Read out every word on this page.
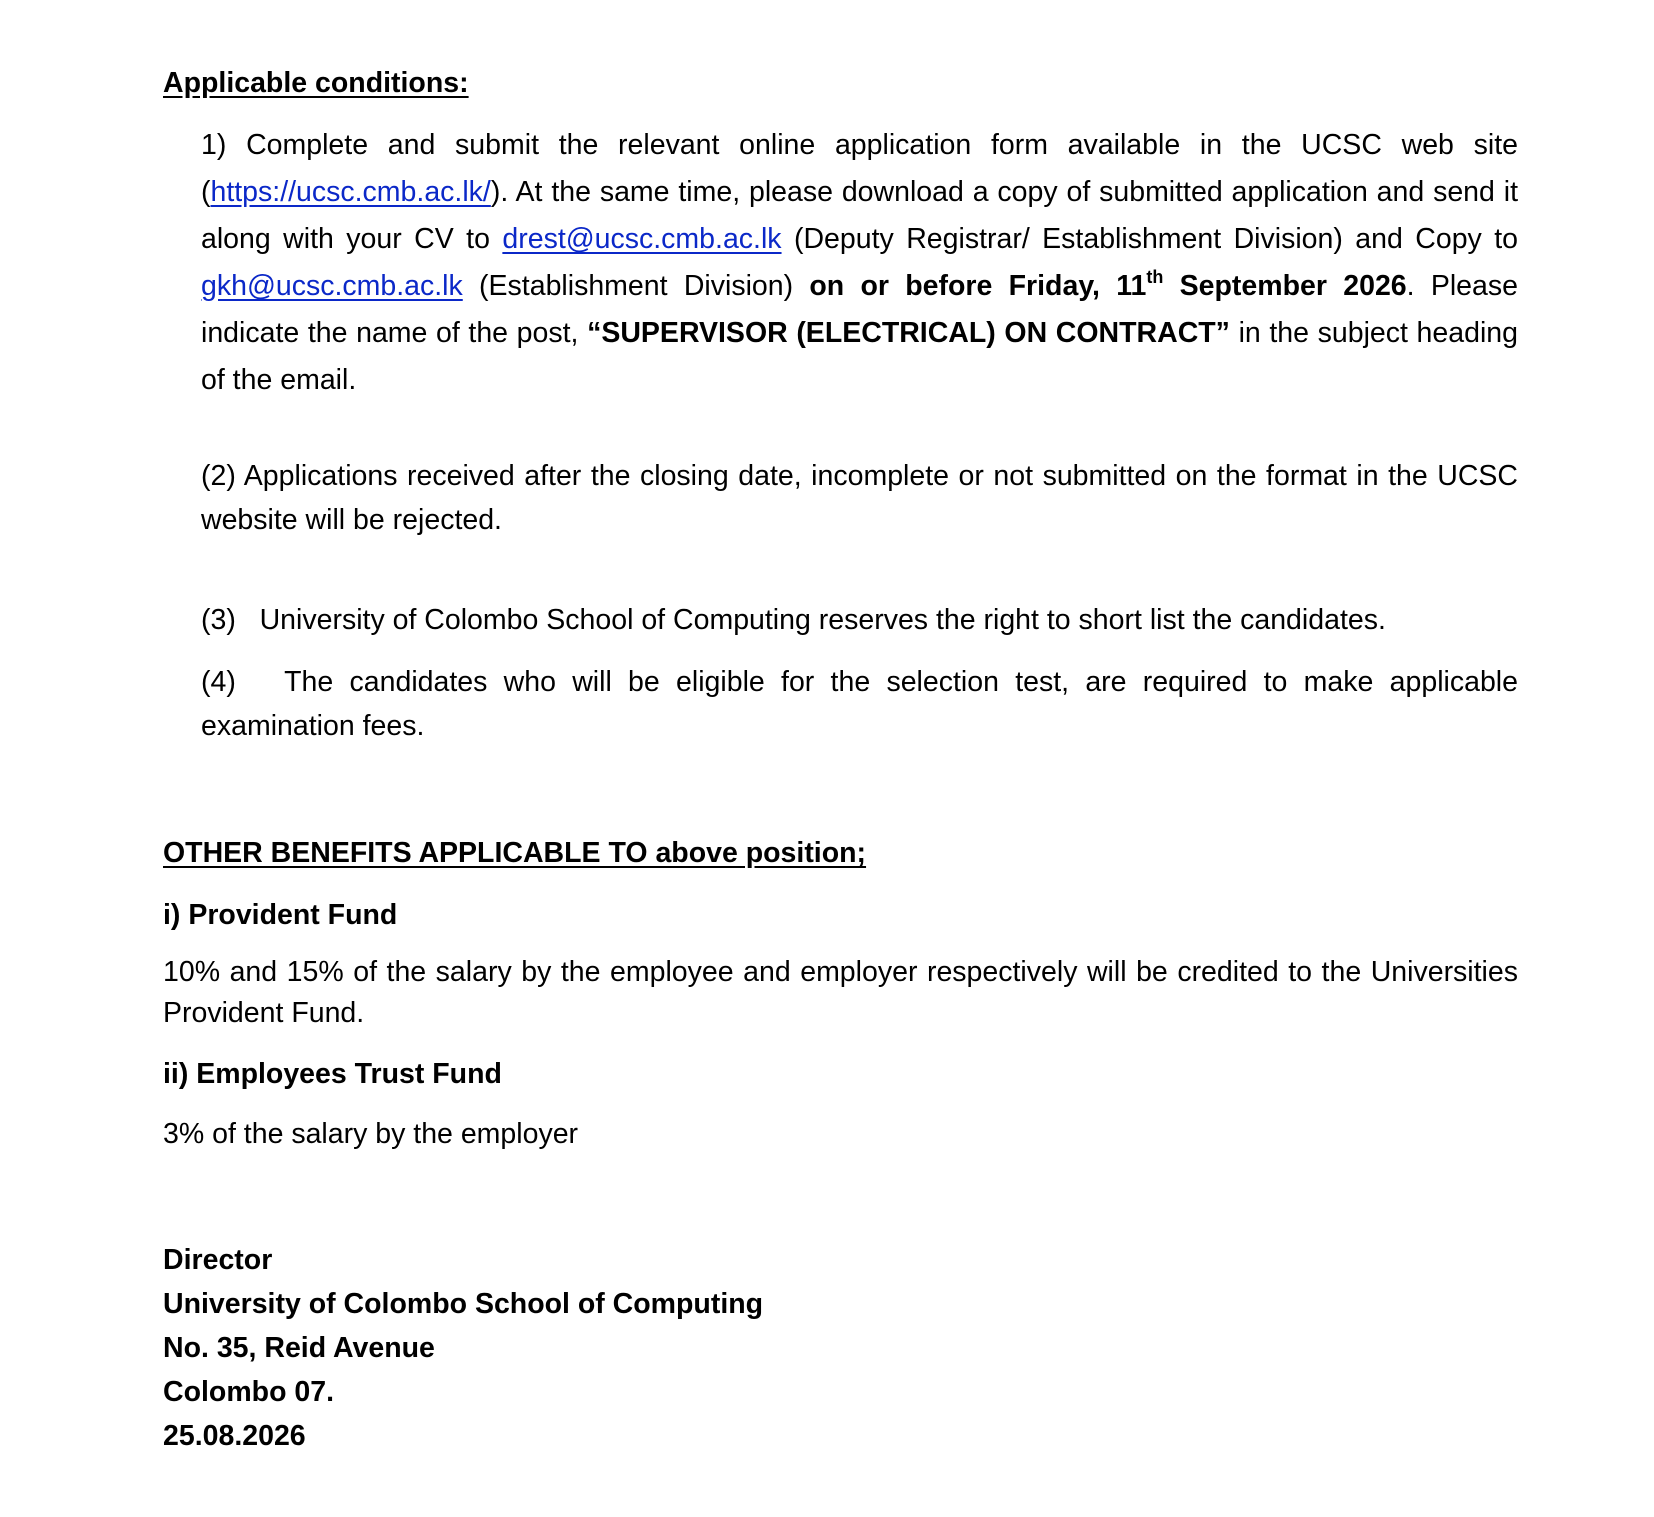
Applicable conditions:
1) Complete and submit the relevant online application form available in the UCSC web site (https://ucsc.cmb.ac.lk/). At the same time, please download a copy of submitted application and send it along with your CV to drest@ucsc.cmb.ac.lk (Deputy Registrar/ Establishment Division) and Copy to gkh@ucsc.cmb.ac.lk (Establishment Division) on or before Friday, 11th September 2026. Please indicate the name of the post, “SUPERVISOR (ELECTRICAL) ON CONTRACT” in the subject heading of the email.
(2) Applications received after the closing date, incomplete or not submitted on the format in the UCSC website will be rejected.
(3)   University of Colombo School of Computing reserves the right to short list the candidates.
(4)   The candidates who will be eligible for the selection test, are required to make applicable examination fees.
OTHER BENEFITS APPLICABLE TO above position;
i) Provident Fund
10% and 15% of the salary by the employee and employer respectively will be credited to the Universities Provident Fund.
ii) Employees Trust Fund
3% of the salary by the employer
Director
University of Colombo School of Computing
No. 35, Reid Avenue
Colombo 07.
25.08.2026
